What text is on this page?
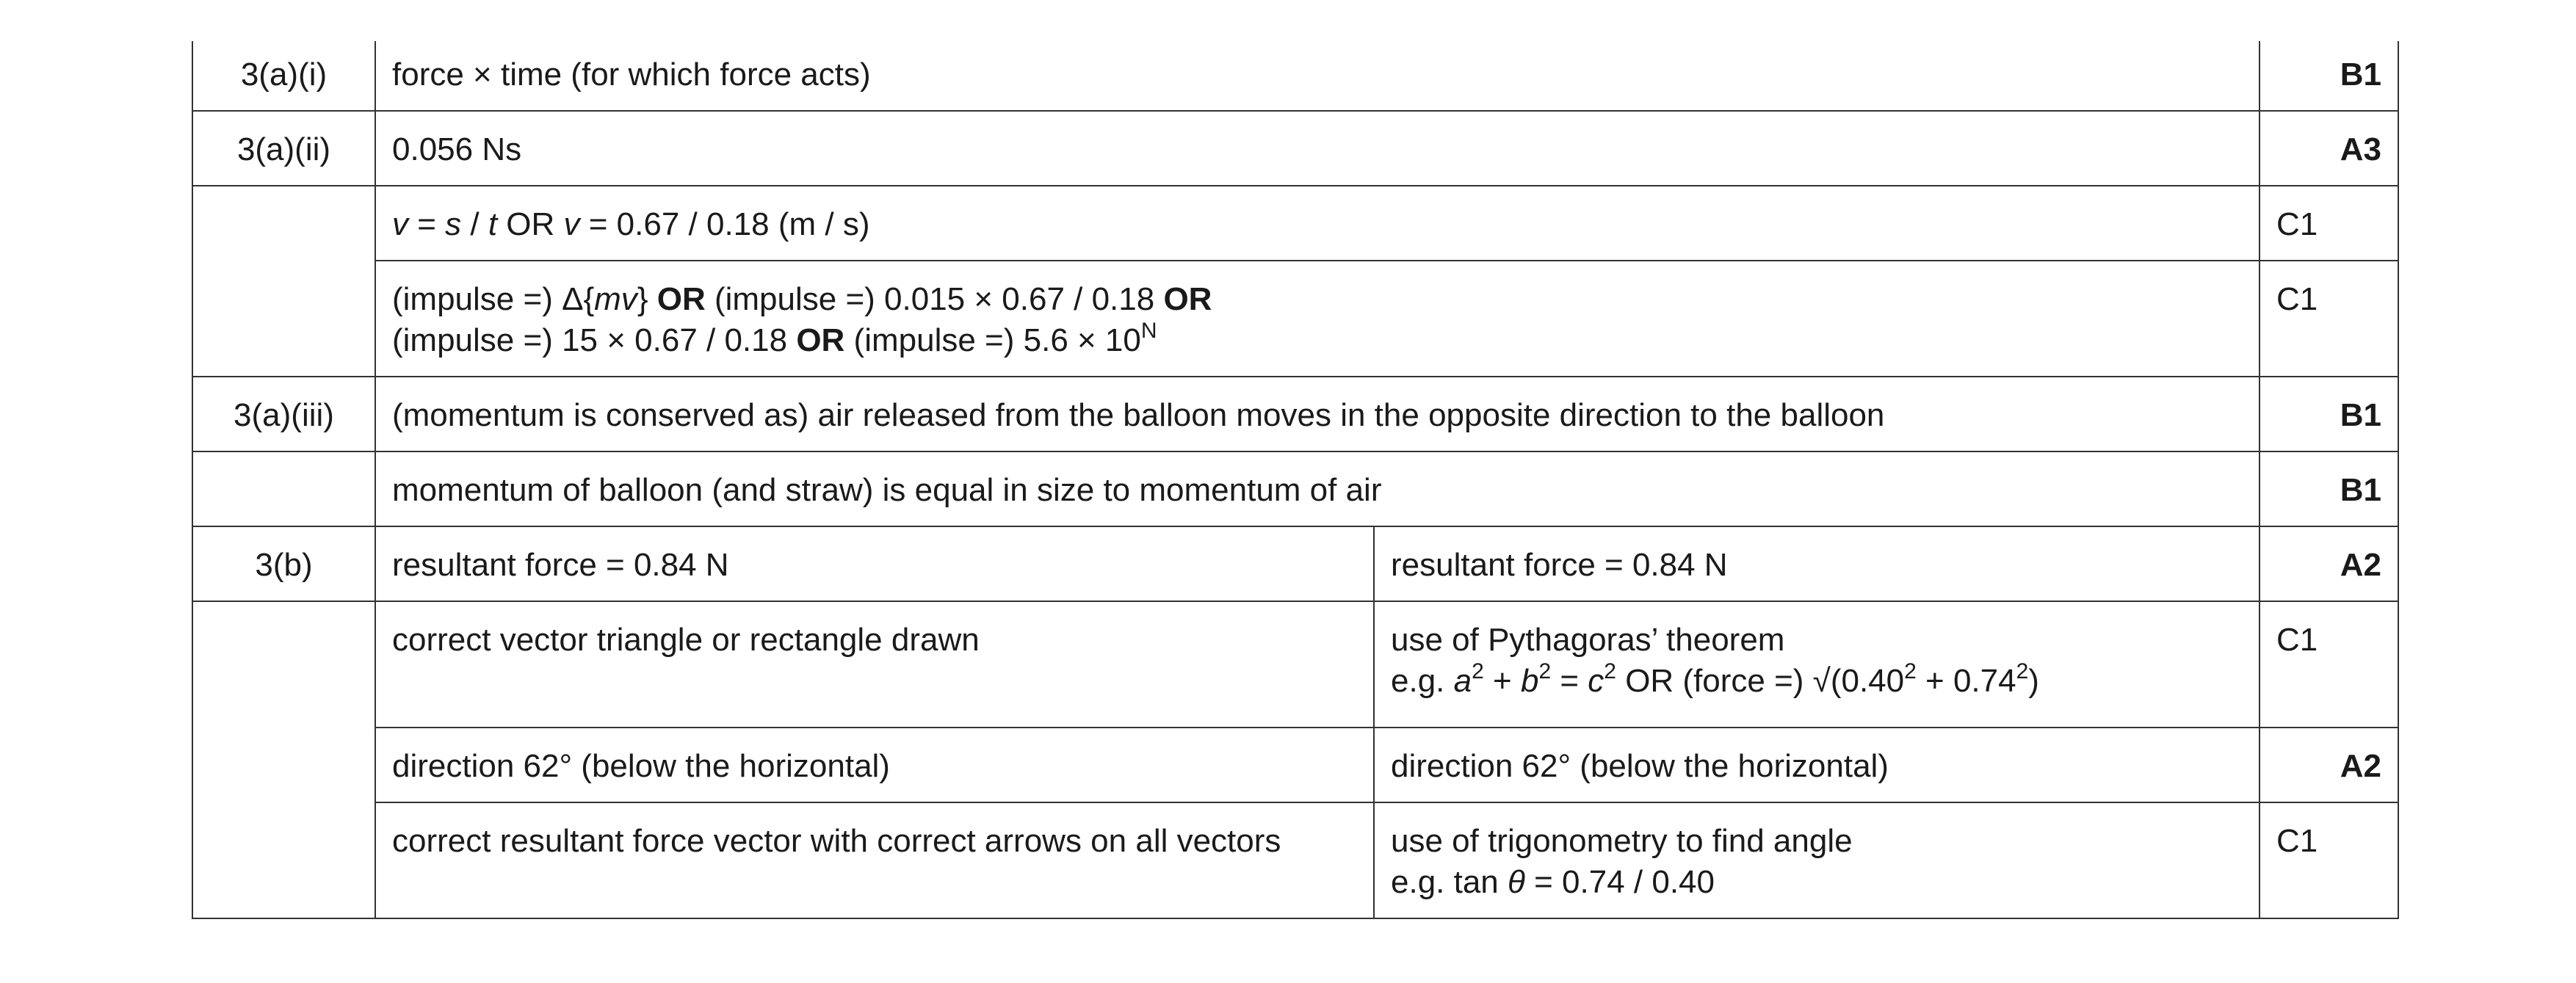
3(a)(i)	force × time (for which force acts)		B1
3(a)(ii)	0.056 Ns		A3
	v = s / t OR v = 0.67 / 0.18 (m / s)		C1

	(impulse =) Δ{mv} OR (impulse =) 0.015 × 0.67 / 0.18 OR
(impulse =) 15 × 0.67 / 0.18 OR (impulse =) $5.6 \times 10^N$		C1
3(a)(iii)	(momentum is conserved as) air released from the balloon moves in the opposite direction to the balloon		B1
	momentum of balloon (and straw) is equal in size to momentum of air		B1
3(b)	resultant force = 0.84 N	resultant force = 0.84 N	A2
	correct vector triangle or rectangle drawn	use of Pythagoras’ theorem
e.g. $a^2 + b^2 = c^2$ OR (force =) $√(0.40^2 + 0.74^2)$	C1
	direction 62° (below the horizontal)	direction 62° (below the horizontal)	A2
	correct resultant force vector with correct arrows on all vectors	use of trigonometry to find angle
e.g. tan θ = 0.74 / 0.40	C1
